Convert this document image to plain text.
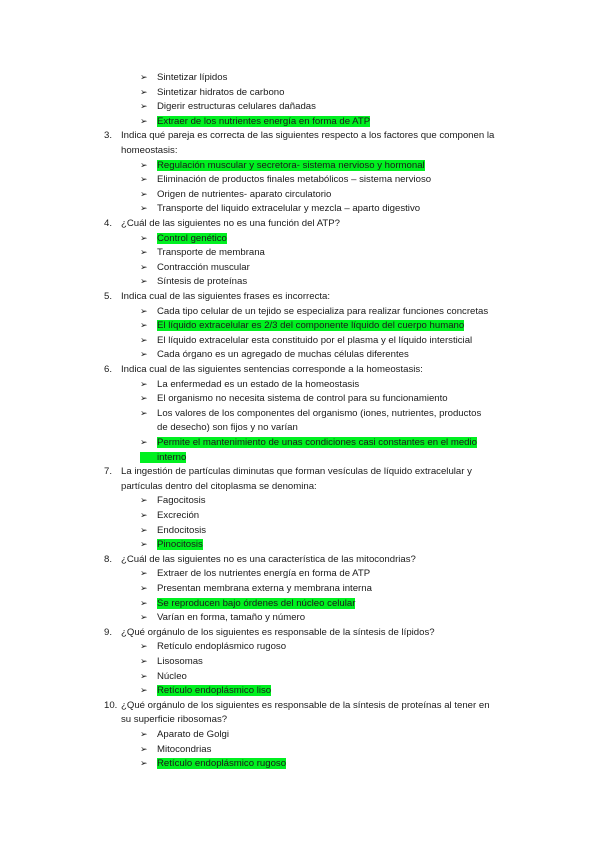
➢ Sintetizar lípidos
➢ Sintetizar hidratos de carbono
➢ Digerir estructuras celulares dañadas
➢ Extraer de los nutrientes energía en forma de ATP
3. Indica qué pareja es correcta de las siguientes respecto a los factores que componen la
homeostasis:
➢ Regulación muscular y secretora- sistema nervioso y hormonal
➢ Eliminación de productos finales metabólicos – sistema nervioso
➢ Origen de nutrientes- aparato circulatorio
➢ Transporte del liquido extracelular y mezcla – aparto digestivo
4. ¿Cuál de las siguientes no es una función del ATP?
➢ Control genético
➢ Transporte de membrana
➢ Contracción muscular
➢ Síntesis de proteínas
5. Indica cual de las siguientes frases es incorrecta:
➢ Cada tipo celular de un tejido se especializa para realizar funciones concretas
➢ El líquido extracelular es 2/3 del componente líquido del cuerpo humano
➢ El líquido extracelular esta constituido por el plasma y el líquido intersticial
➢ Cada órgano es un agregado de muchas células diferentes
6. Indica cual de las siguientes sentencias corresponde a la homeostasis:
➢ La enfermedad es un estado de la homeostasis
➢ El organismo no necesita sistema de control para su funcionamiento
➢ Los valores de los componentes del organismo (iones, nutrientes, productos
de desecho) son fijos y no varían
➢ Permite el mantenimiento de unas condiciones casi constantes en el medio
interno
7. La ingestión de partículas diminutas que forman vesículas de líquido extracelular y
partículas dentro del citoplasma se denomina:
➢ Fagocitosis
➢ Excreción
➢ Endocitosis
➢ Pinocitosis
8. ¿Cuál de las siguientes no es una característica de las mitocondrias?
➢ Extraer de los nutrientes energía en forma de ATP
➢ Presentan membrana externa y membrana interna
➢ Se reproducen bajo órdenes del núcleo celular
➢ Varían en forma, tamaño y número
9. ¿Qué orgánulo de los siguientes es responsable de la síntesis de lípidos?
➢ Retículo endoplásmico rugoso
➢ Lisosomas
➢ Núcleo
➢ Retículo endoplásmico liso
10. ¿Qué orgánulo de los siguientes es responsable de la síntesis de proteínas al tener en
su superficie ribosomas?
➢ Aparato de Golgi
➢ Mitocondrias
➢ Retículo endoplásmico rugoso
